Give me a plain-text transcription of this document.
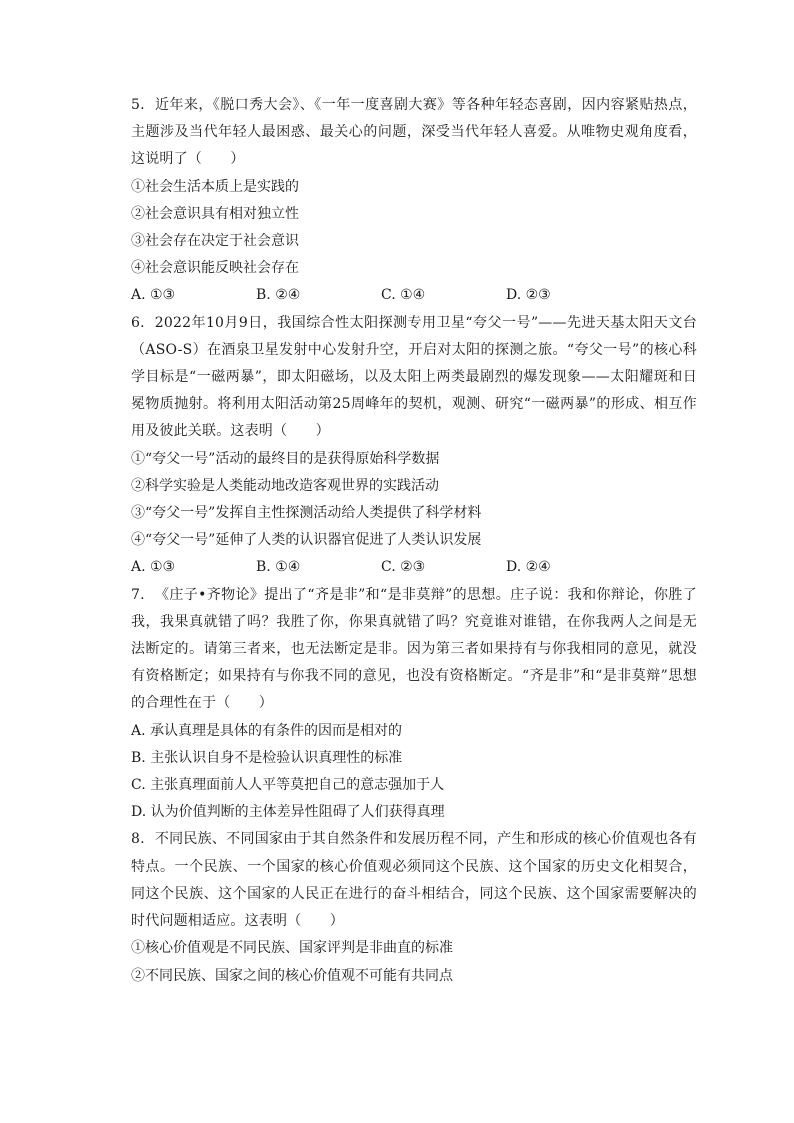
5. 近年来，《脱口秀大会》、《一年一度喜剧大赛》等各种年轻态喜剧，因内容紧贴热点，主题涉及当代年轻人最困惑、最关心的问题，深受当代年轻人喜爱。从唯物史观角度看，这说明了（　　）

①社会生活本质上是实践的

②社会意识具有相对独立性

③社会存在决定于社会意识

④社会意识能反映社会存在

A. ①③	B. ②④	C. ①④	D. ②③

6. 2022年10月9日，我国综合性太阳探测专用卫星“夸父一号”——先进天基太阳天文台（ASO-S）在酒泉卫星发射中心发射升空，开启对太阳的探测之旅。“夸父一号”的核心科学目标是“一磁两暴”，即太阳磁场，以及太阳上两类最剧烈的爆发现象——太阳耀斑和日冕物质抛射。将利用太阳活动第25周峰年的契机，观测、研究“一磁两暴”的形成、相互作用及彼此关联。这表明（　　）

①“夸父一号”活动的最终目的是获得原始科学数据

②科学实验是人类能动地改造客观世界的实践活动

③“夸父一号”发挥自主性探测活动给人类提供了科学材料

④“夸父一号”延伸了人类的认识器官促进了人类认识发展

A. ①③	B. ①④	C. ②③	D. ②④

7. 《庄子•齐物论》提出了“齐是非”和“是非莫辩”的思想。庄子说：我和你辩论，你胜了我，我果真就错了吗？我胜了你，你果真就错了吗？究竟谁对谁错，在你我两人之间是无法断定的。请第三者来，也无法断定是非。因为第三者如果持有与你我相同的意见，就没有资格断定；如果持有与你我不同的意见，也没有资格断定。“齐是非”和“是非莫辩”思想的合理性在于（　　）

A. 承认真理是具体的有条件的因而是相对的

B. 主张认识自身不是检验认识真理性的标准

C. 主张真理面前人人平等莫把自己的意志强加于人

D. 认为价值判断的主体差异性阻碍了人们获得真理

8. 不同民族、不同国家由于其自然条件和发展历程不同，产生和形成的核心价值观也各有特点。一个民族、一个国家的核心价值观必须同这个民族、这个国家的历史文化相契合，同这个民族、这个国家的人民正在进行的奋斗相结合，同这个民族、这个国家需要解决的时代问题相适应。这表明（　　）

①核心价值观是不同民族、国家评判是非曲直的标准

②不同民族、国家之间的核心价值观不可能有共同点
